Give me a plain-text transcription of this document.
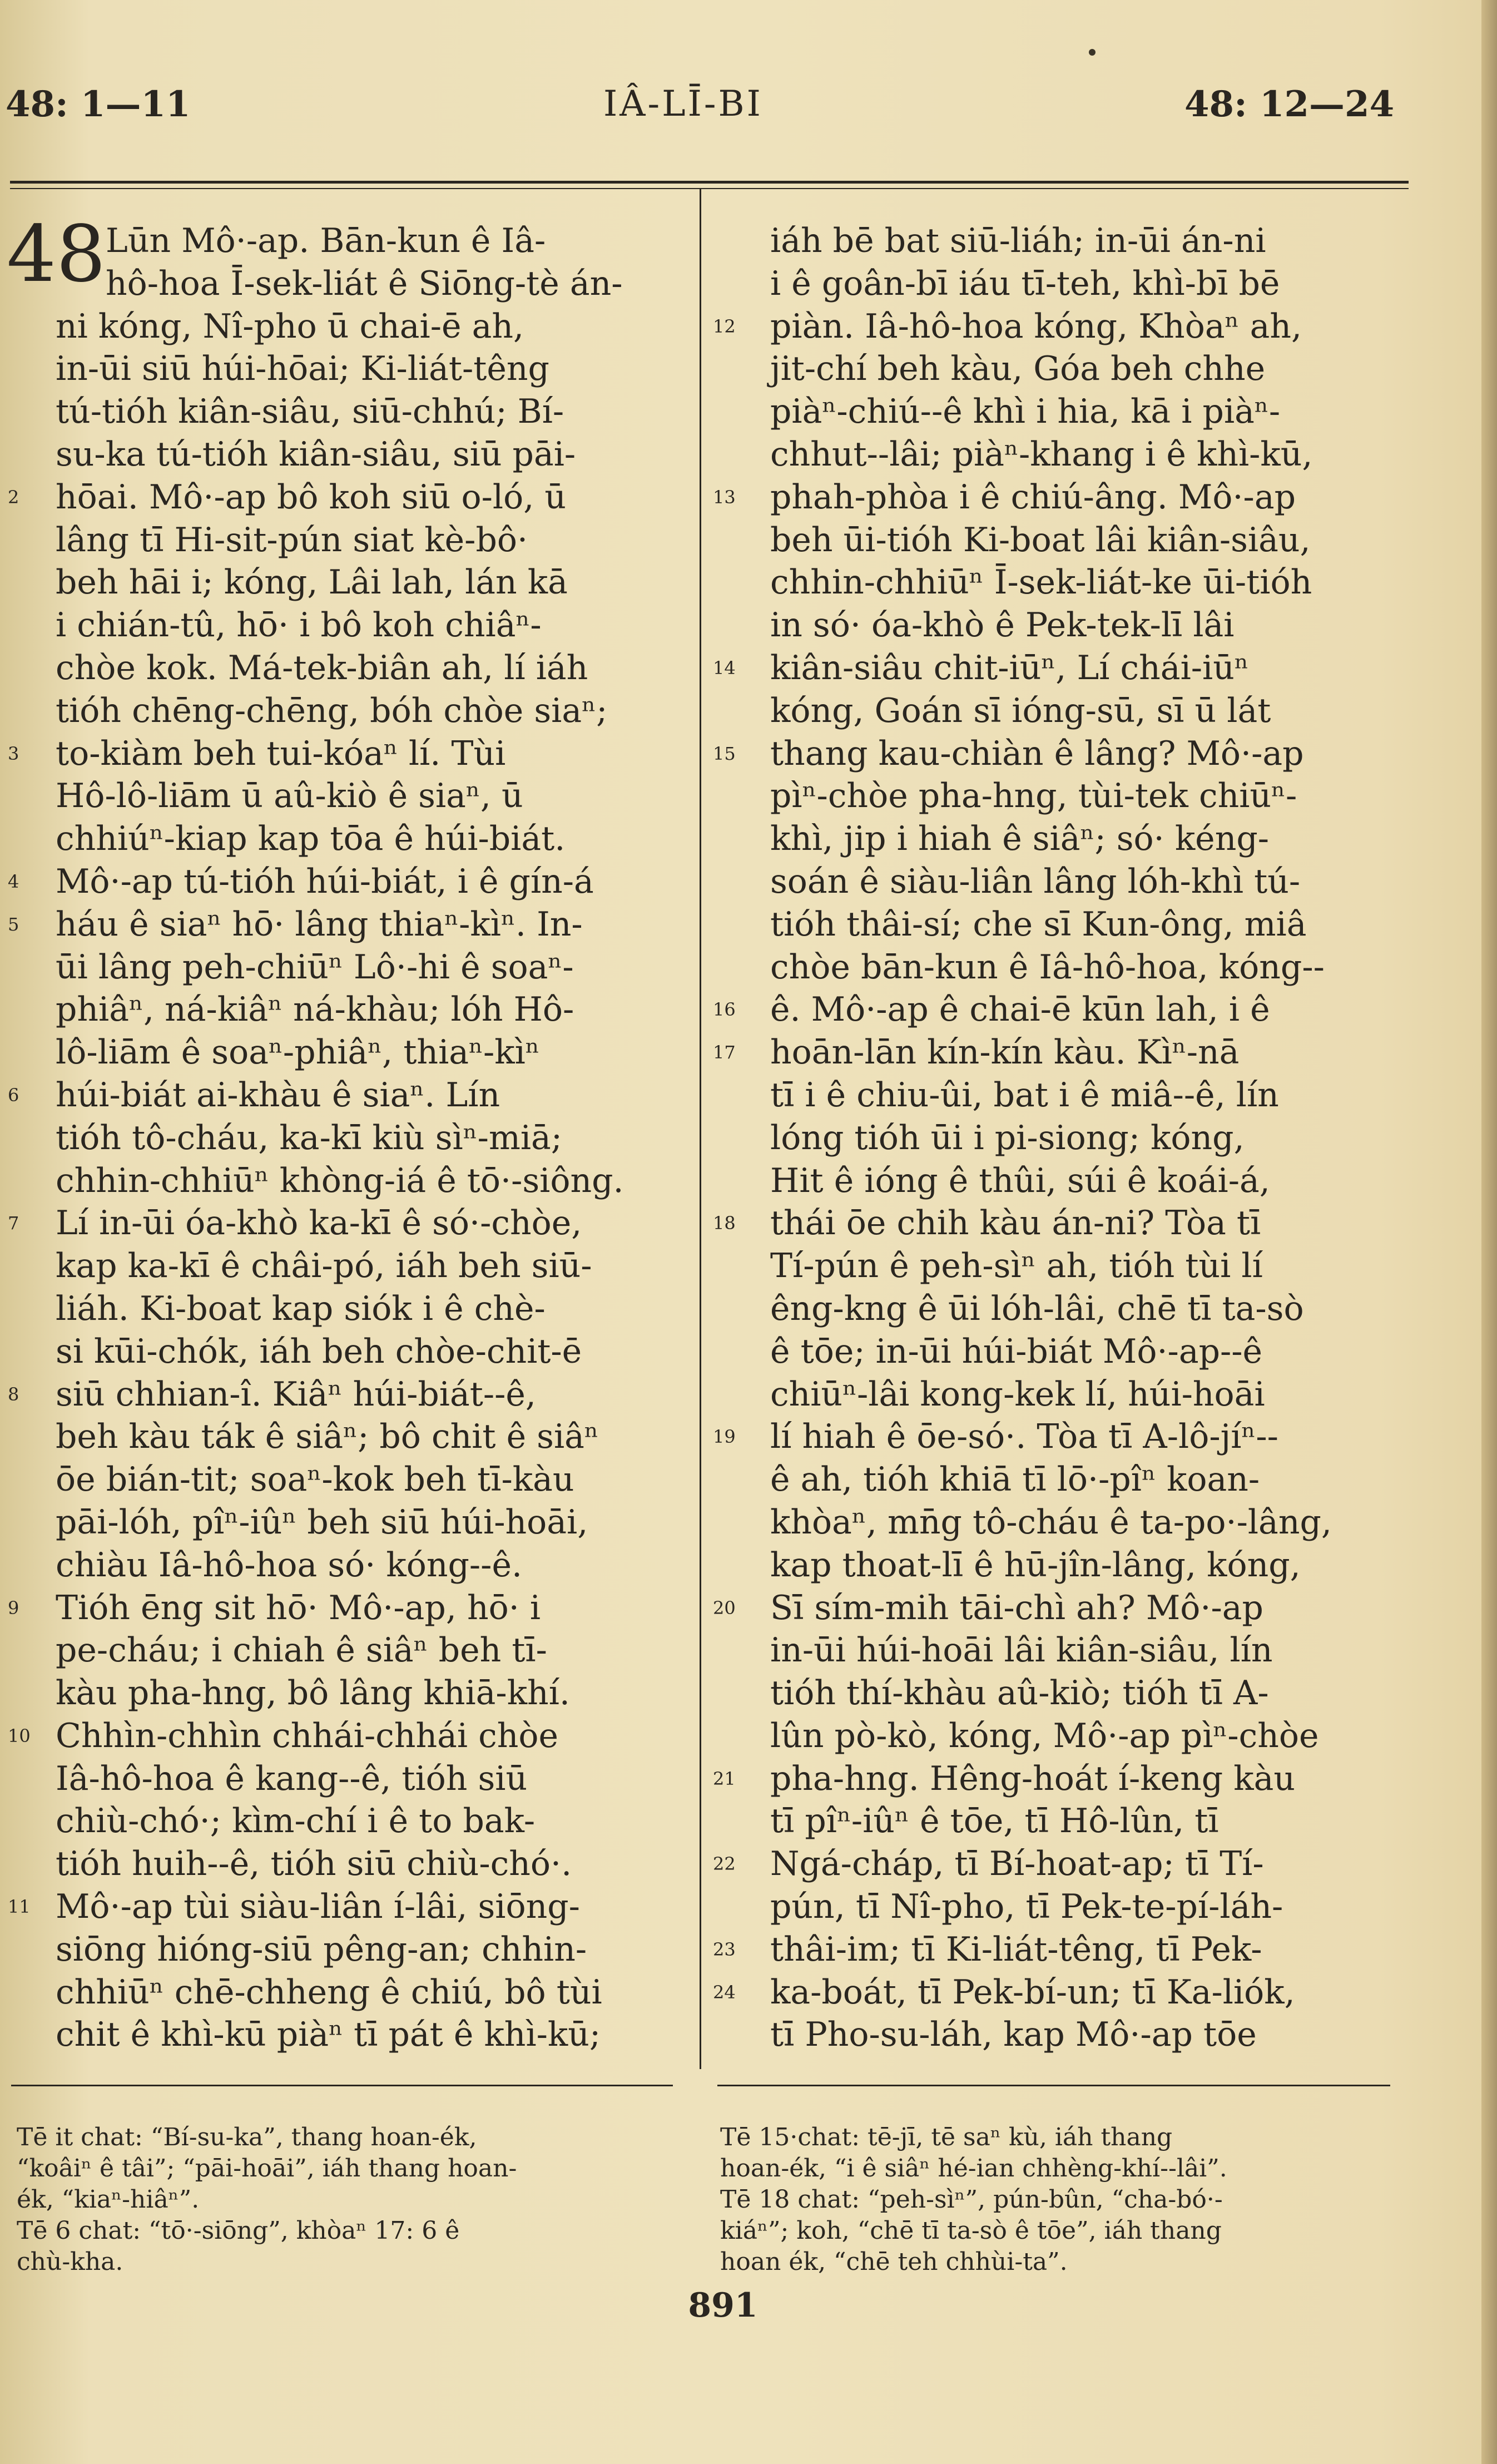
48: 1—11	IÂ-LĪ-BI	48: 12—24
48
2
3
4
5
6
7
8
9
10
11
Lūn Mô·-ap. Bān-kun ê Iâ-
hô-hoa Ī-sek-liát ê Siōng-tè án-
ni kóng, Nî-pho ū chai-ē ah,
in-ūi siū húi-hōai; Ki-liát-têng
tú-tióh kiân-siâu, siū-chhú; Bí-
su-ka tú-tióh kiân-siâu, siū pāi-
hōai. Mô·-ap bô koh siū o-ló, ū
lâng tī Hi-sit-pún siat kè-bô·
beh hāi i; kóng, Lâi lah, lán kā
i chián-tû, hō· i bô koh chiâⁿ-
chòe kok. Má-tek-biân ah, lí iáh
tióh chēng-chēng, bóh chòe siaⁿ;
to-kiàm beh tui-kóaⁿ lí. Tùi
Hô-lô-liām ū aû-kiò ê siaⁿ, ū
chhiúⁿ-kiap kap tōa ê húi-biát.
Mô·-ap tú-tióh húi-biát, i ê gín-á
háu ê siaⁿ hō· lâng thiaⁿ-kìⁿ. In-
ūi lâng peh-chiūⁿ Lô·-hi ê soaⁿ-
phiâⁿ, ná-kiâⁿ ná-khàu; lóh Hô-
lô-liām ê soaⁿ-phiâⁿ, thiaⁿ-kìⁿ
húi-biát ai-khàu ê siaⁿ. Lín
tióh tô-cháu, ka-kī kiù sìⁿ-miā;
chhin-chhiūⁿ khòng-iá ê tō·-siông.
Lí in-ūi óa-khò ka-kī ê só·-chòe,
kap ka-kī ê châi-pó, iáh beh siū-
liáh. Ki-boat kap siók i ê chè-
si kūi-chók, iáh beh chòe-chit-ē
siū chhian-î. Kiâⁿ húi-biát--ê,
beh kàu ták ê siâⁿ; bô chit ê siâⁿ
ōe bián-tit; soaⁿ-kok beh tī-kàu
pāi-lóh, pîⁿ-iûⁿ beh siū húi-hoāi,
chiàu Iâ-hô-hoa só· kóng--ê.
Tióh ēng sit hō· Mô·-ap, hō· i
pe-cháu; i chiah ê siâⁿ beh tī-
kàu pha-hng, bô lâng khiā-khí.
Chhìn-chhìn chhái-chhái chòe
Iâ-hô-hoa ê kang--ê, tióh siū
chiù-chó·; kìm-chí i ê to bak-
tióh huih--ê, tióh siū chiù-chó·.
Mô·-ap tùi siàu-liân í-lâi, siōng-
siōng hióng-siū pêng-an; chhin-
chhiūⁿ chē-chheng ê chiú, bô tùi
chit ê khì-kū piàⁿ tī pát ê khì-kū;
12
13
14
15
16
17
18
19
20
21
22
23
24
iáh bē bat siū-liáh; in-ūi án-ni
i ê goân-bī iáu tī-teh, khì-bī bē
piàn. Iâ-hô-hoa kóng, Khòaⁿ ah,
jit-chí beh kàu, Góa beh chhe
piàⁿ-chiú--ê khì i hia, kā i piàⁿ-
chhut--lâi; piàⁿ-khang i ê khì-kū,
phah-phòa i ê chiú-âng. Mô·-ap
beh ūi-tióh Ki-boat lâi kiân-siâu,
chhin-chhiūⁿ Ī-sek-liát-ke ūi-tióh
in só· óa-khò ê Pek-tek-lī lâi
kiân-siâu chit-iūⁿ, Lí chái-iūⁿ
kóng, Goán sī ióng-sū, sī ū lát
thang kau-chiàn ê lâng? Mô·-ap
pìⁿ-chòe pha-hng, tùi-tek chiūⁿ-
khì, jip i hiah ê siâⁿ; só· kéng-
soán ê siàu-liân lâng lóh-khì tú-
tióh thâi-sí; che sī Kun-ông, miâ
chòe bān-kun ê Iâ-hô-hoa, kóng--
ê. Mô·-ap ê chai-ē kūn lah, i ê
hoān-lān kín-kín kàu. Kìⁿ-nā
tī i ê chiu-ûi, bat i ê miâ--ê, lín
lóng tióh ūi i pi-siong; kóng,
Hit ê ióng ê thûi, súi ê koái-á,
thái ōe chih kàu án-ni? Tòa tī
Tí-pún ê peh-sìⁿ ah, tióh tùi lí
êng-kng ê ūi lóh-lâi, chē tī ta-sò
ê tōe; in-ūi húi-biát Mô·-ap--ê
chiūⁿ-lâi kong-kek lí, húi-hoāi
lí hiah ê ōe-só·. Tòa tī A-lô-jíⁿ--
ê ah, tióh khiā tī lō·-pîⁿ koan-
khòaⁿ, mn̄g tô-cháu ê ta-po·-lâng,
kap thoat-lī ê hū-jîn-lâng, kóng,
Sī sím-mih tāi-chì ah? Mô·-ap
in-ūi húi-hoāi lâi kiân-siâu, lín
tióh thí-khàu aû-kiò; tióh tī A-
lûn pò-kò, kóng, Mô·-ap pìⁿ-chòe
pha-hng. Hêng-hoát í-keng kàu
tī pîⁿ-iûⁿ ê tōe, tī Hô-lûn, tī
Ngá-cháp, tī Bí-hoat-ap; tī Tí-
pún, tī Nî-pho, tī Pek-te-pí-láh-
thâi-im; tī Ki-liát-têng, tī Pek-
ka-boát, tī Pek-bí-un; tī Ka-liók,
tī Pho-su-láh, kap Mô·-ap tōe
Tē it chat: “Bí-su-ka”, thang hoan-ék,
“koâiⁿ ê tâi”; “pāi-hoāi”, iáh thang hoan-
ék, “kiaⁿ-hiâⁿ”.
Tē 6 chat: “tō·-siōng”, khòaⁿ 17: 6 ê
chù-kha.
Tē 15·chat: tē-jī, tē saⁿ kù, iáh thang
hoan-ék, “i ê siâⁿ hé-ian chhèng-khí--lâi”.
Tē 18 chat: “peh-sìⁿ”, pún-bûn, “cha-bó·-
kiáⁿ”; koh, “chē tī ta-sò ê tōe”, iáh thang
hoan ék, “chē teh chhùi-ta”.
891
